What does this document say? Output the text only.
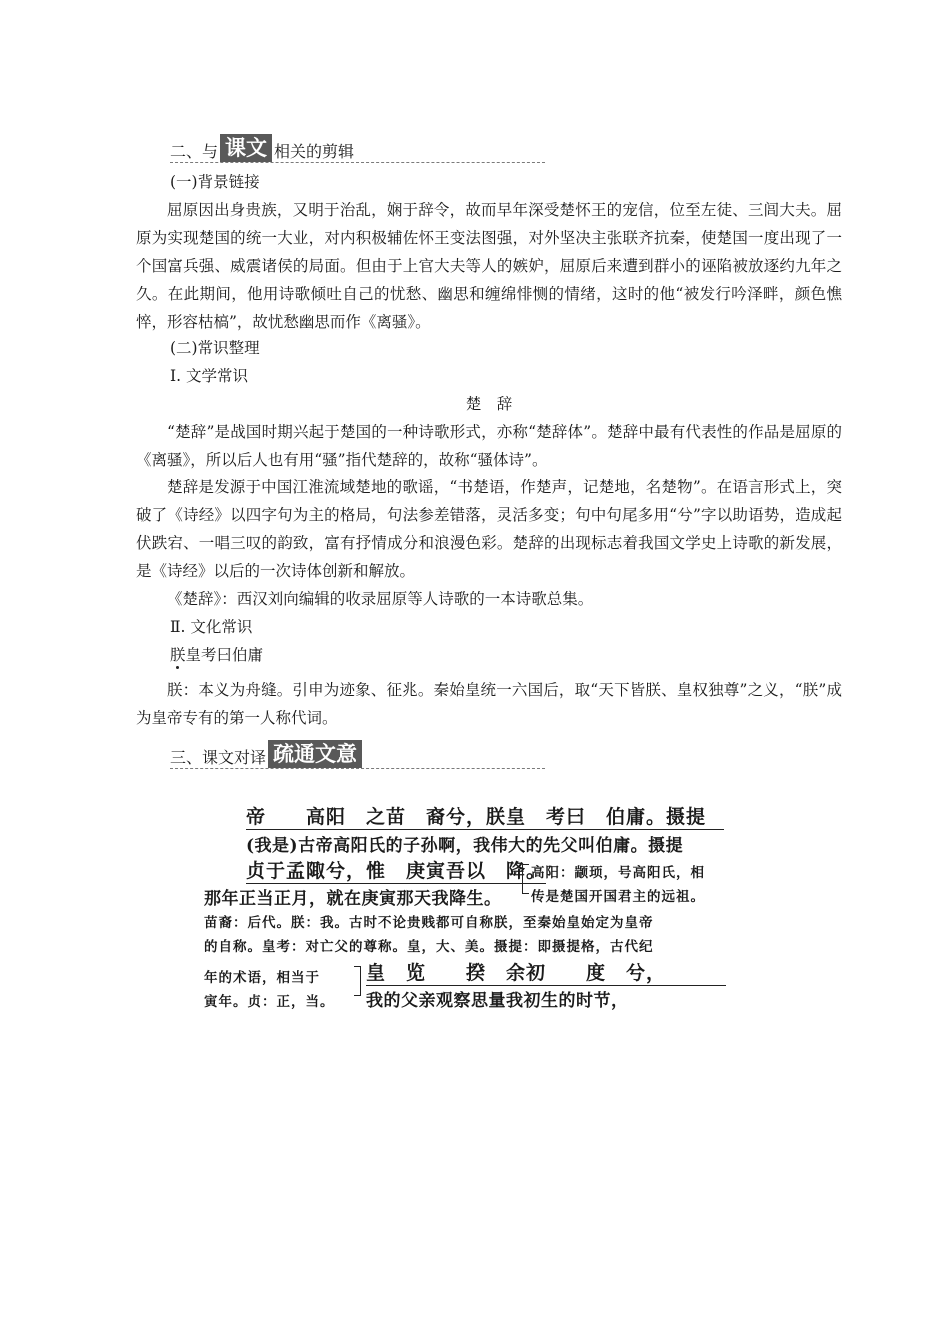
二、与 课文 相关的剪辑
(一)背景链接
屈原因出身贵族，又明于治乱，娴于辞令，故而早年深受楚怀王的宠信，位至左徒、三闾大夫。屈原为实现楚国的统一大业，对内积极辅佐怀王变法图强，对外坚决主张联齐抗秦，使楚国一度出现了一个国富兵强、威震诸侯的局面。但由于上官大夫等人的嫉妒，屈原后来遭到群小的诬陷被放逐约九年之久。在此期间，他用诗歌倾吐自己的忧愁、幽思和缠绵悱恻的情绪，这时的他“被发行吟泽畔，颜色憔悴，形容枯槁”，故忧愁幽思而作《离骚》。
(二)常识整理
Ⅰ. 文学常识
楚　辞
“楚辞”是战国时期兴起于楚国的一种诗歌形式，亦称“楚辞体”。楚辞中最有代表性的作品是屈原的《离骚》，所以后人也有用“骚”指代楚辞的，故称“骚体诗”。
楚辞是发源于中国江淮流域楚地的歌谣，“书楚语，作楚声，记楚地，名楚物”。在语言形式上，突破了《诗经》以四字句为主的格局，句法参差错落，灵活多变；句中句尾多用“兮”字以助语势，造成起伏跌宕、一唱三叹的韵致，富有抒情成分和浪漫色彩。楚辞的出现标志着我国文学史上诗歌的新发展，是《诗经》以后的一次诗体创新和解放。
《楚辞》：西汉刘向编辑的收录屈原等人诗歌的一本诗歌总集。
Ⅱ. 文化常识
朕皇考曰伯庸
朕：本义为舟缝。引申为迹象、征兆。秦始皇统一六国后，取“天下皆朕、皇权独尊”之义，“朕”成为皇帝专有的第一人称代词。
三、课文对译 疏通文意
帝　　高阳　之苗　裔兮，朕皇　考曰　伯庸。摄提
(我是)古帝高阳氏的子孙啊，我伟大的先父叫伯庸。摄提
贞于孟陬兮，惟　庚寅吾以　降。
那年正当正月，就在庚寅那天我降生。
高阳：颛顼，号高阳氏，相
传是楚国开国君主的远祖。
苗裔：后代。朕：我。古时不论贵贱都可自称朕，至秦始皇始定为皇帝
的自称。皇考：对亡父的尊称。皇，大、美。摄提：即摄提格，古代纪
年的术语，相当于
寅年。贞：正，当。
皇　览　　揆　余初　　度　兮，
我的父亲观察思量我初生的时节，
